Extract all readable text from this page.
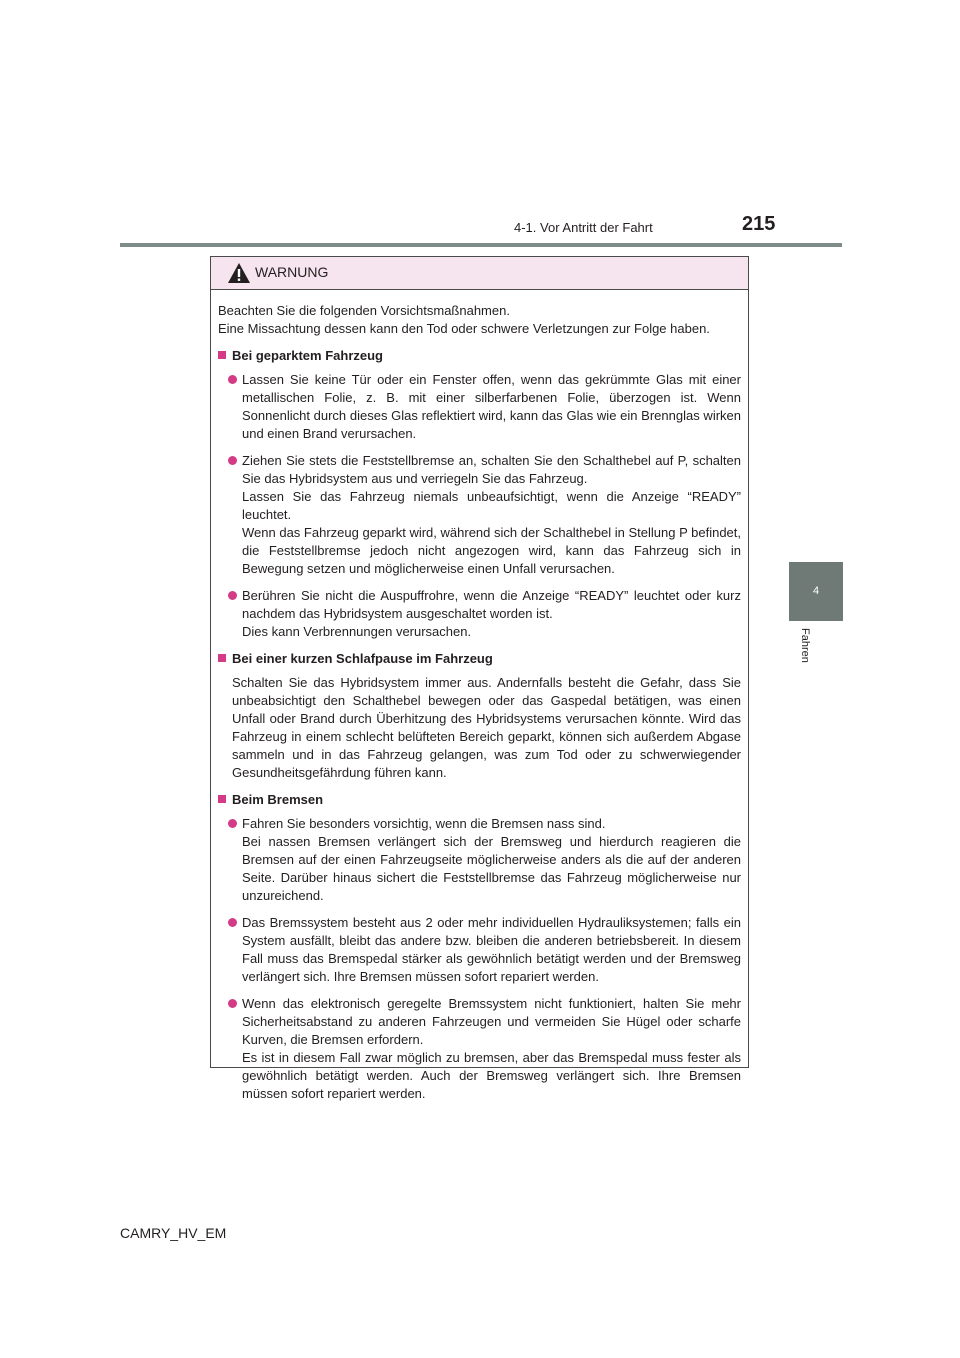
4-1. Vor Antritt der Fahrt	215
4
Fahren
WARNUNG
Beachten Sie die folgenden Vorsichtsmaßnahmen.
Eine Missachtung dessen kann den Tod oder schwere Verletzungen zur Folge haben.
Bei geparktem Fahrzeug
Lassen Sie keine Tür oder ein Fenster offen, wenn das gekrümmte Glas mit einer metallischen Folie, z. B. mit einer silberfarbenen Folie, überzogen ist. Wenn Sonnenlicht durch dieses Glas reflektiert wird, kann das Glas wie ein Brennglas wirken und einen Brand verursachen.
Ziehen Sie stets die Feststellbremse an, schalten Sie den Schalthebel auf P, schalten Sie das Hybridsystem aus und verriegeln Sie das Fahrzeug.
Lassen Sie das Fahrzeug niemals unbeaufsichtigt, wenn die Anzeige “READY” leuchtet.
Wenn das Fahrzeug geparkt wird, während sich der Schalthebel in Stellung P befindet, die Feststellbremse jedoch nicht angezogen wird, kann das Fahrzeug sich in Bewegung setzen und möglicherweise einen Unfall verursachen.
Berühren Sie nicht die Auspuffrohre, wenn die Anzeige “READY” leuchtet oder kurz nachdem das Hybridsystem ausgeschaltet worden ist.
Dies kann Verbrennungen verursachen.
Bei einer kurzen Schlafpause im Fahrzeug
Schalten Sie das Hybridsystem immer aus. Andernfalls besteht die Gefahr, dass Sie unbeabsichtigt den Schalthebel bewegen oder das Gaspedal betätigen, was einen Unfall oder Brand durch Überhitzung des Hybridsystems verursachen könnte. Wird das Fahrzeug in einem schlecht belüfteten Bereich geparkt, können sich außerdem Abgase sammeln und in das Fahrzeug gelangen, was zum Tod oder zu schwerwiegender Gesundheitsgefährdung führen kann.
Beim Bremsen
Fahren Sie besonders vorsichtig, wenn die Bremsen nass sind.
Bei nassen Bremsen verlängert sich der Bremsweg und hierdurch reagieren die Bremsen auf der einen Fahrzeugseite möglicherweise anders als die auf der anderen Seite. Darüber hinaus sichert die Feststellbremse das Fahrzeug möglicherweise nur unzureichend.
Das Bremssystem besteht aus 2 oder mehr individuellen Hydrauliksystemen; falls ein System ausfällt, bleibt das andere bzw. bleiben die anderen betriebsbereit. In diesem Fall muss das Bremspedal stärker als gewöhnlich betätigt werden und der Bremsweg verlängert sich. Ihre Bremsen müssen sofort repariert werden.
Wenn das elektronisch geregelte Bremssystem nicht funktioniert, halten Sie mehr Sicherheitsabstand zu anderen Fahrzeugen und vermeiden Sie Hügel oder scharfe Kurven, die Bremsen erfordern.
Es ist in diesem Fall zwar möglich zu bremsen, aber das Bremspedal muss fester als gewöhnlich betätigt werden. Auch der Bremsweg verlängert sich. Ihre Bremsen müssen sofort repariert werden.
CAMRY_HV_EM
